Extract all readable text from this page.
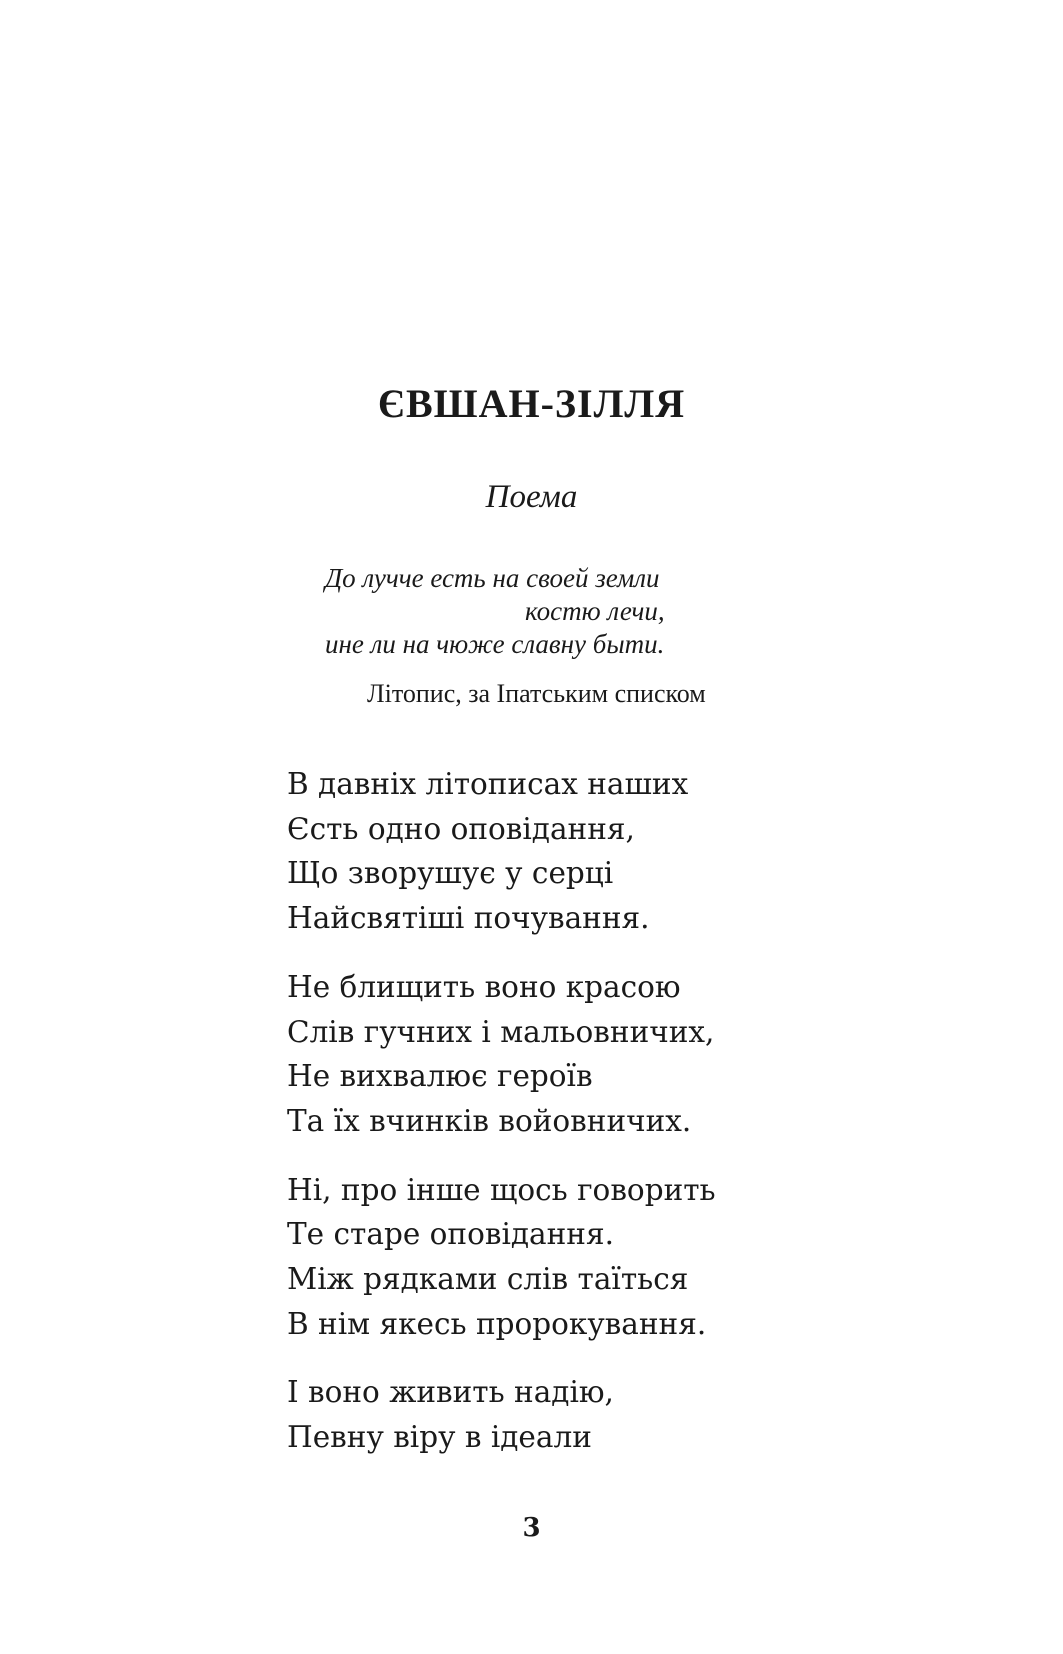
ЄВШАН-ЗІЛЛЯ
Поема
До лучче есть на своей земли
костю лечи,
ине ли на чюже славну быти.
Літопис, за Іпатським списком
В давніх літописах наших
Єсть одно оповідання,
Що зворушує у серці
Найсвятіші почування.
Не блищить воно красою
Слів гучних і мальовничих,
Не вихвалює героїв
Та їх вчинків войовничих.
Ні, про інше щось говорить
Те старе оповідання.
Між рядками слів таїться
В нім якесь пророкування.
І воно живить надію,
Певну віру в ідеали
3
